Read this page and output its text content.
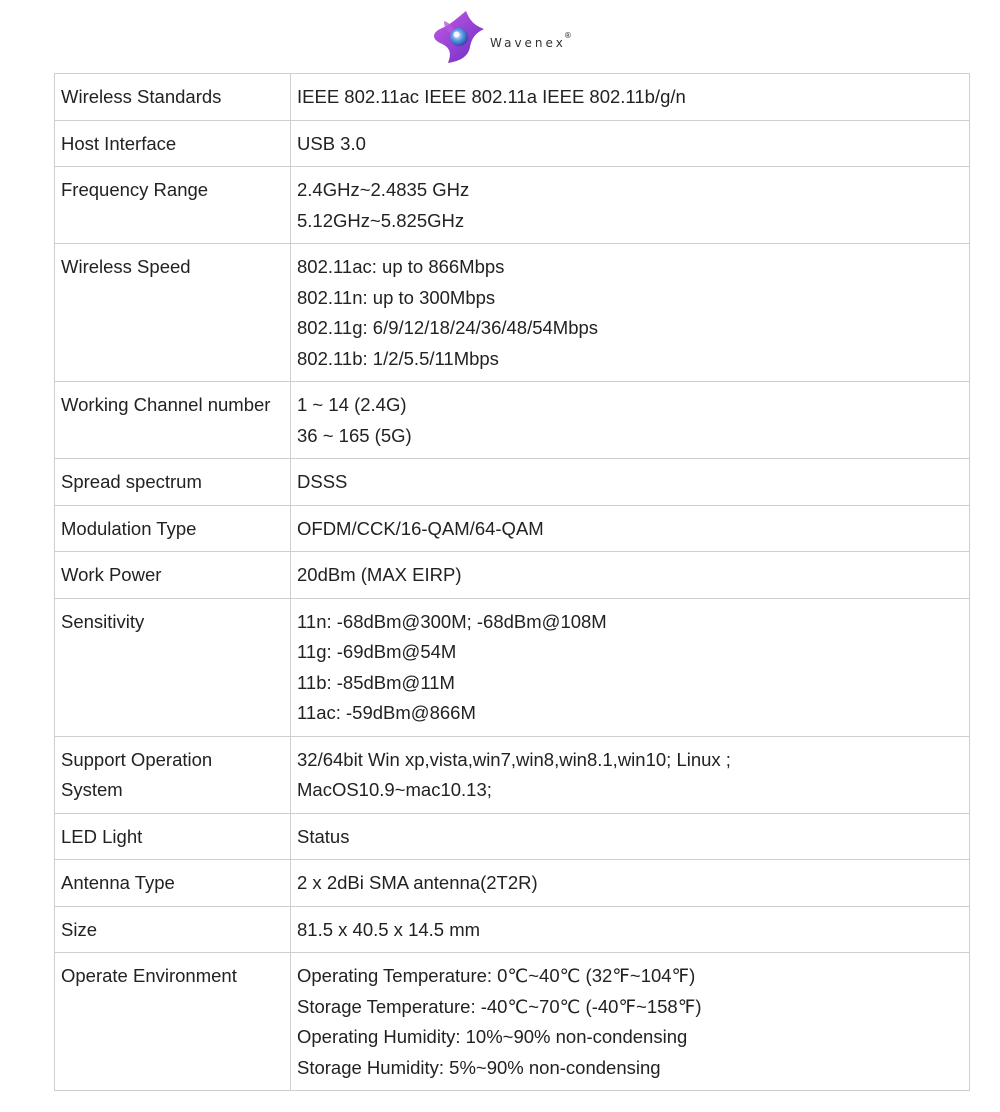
Wavenex®
Wireless Standards	IEEE 802.11ac IEEE 802.11a IEEE 802.11b/g/n

Host Interface	USB 3.0

Frequency Range	2.4GHz~2.4835 GHz
5.12GHz~5.825GHz

Wireless Speed	802.11ac: up to 866Mbps
802.11n: up to 300Mbps
802.11g: 6/9/12/18/24/36/48/54Mbps
802.11b: 1/2/5.5/11Mbps

Working Channel number	1 ~ 14 (2.4G)
36 ~ 165 (5G)

Spread spectrum	DSSS

Modulation Type	OFDM/CCK/16-QAM/64-QAM

Work Power	20dBm (MAX EIRP)

Sensitivity	11n: -68dBm@300M; -68dBm@108M
11g: -69dBm@54M
11b: -85dBm@11M
11ac: -59dBm@866M

Support Operation
System	32/64bit Win xp,vista,win7,win8,win8.1,win10; Linux ;
MacOS10.9~mac10.13;

LED Light	Status

Antenna Type	2 x 2dBi SMA antenna(2T2R)

Size	81.5 x 40.5 x 14.5 mm

Operate Environment	Operating Temperature: 0℃~40℃ (32℉~104℉)
Storage Temperature: -40℃~70℃ (-40℉~158℉)
Operating Humidity: 10%~90% non-condensing
Storage Humidity: 5%~90% non-condensing
